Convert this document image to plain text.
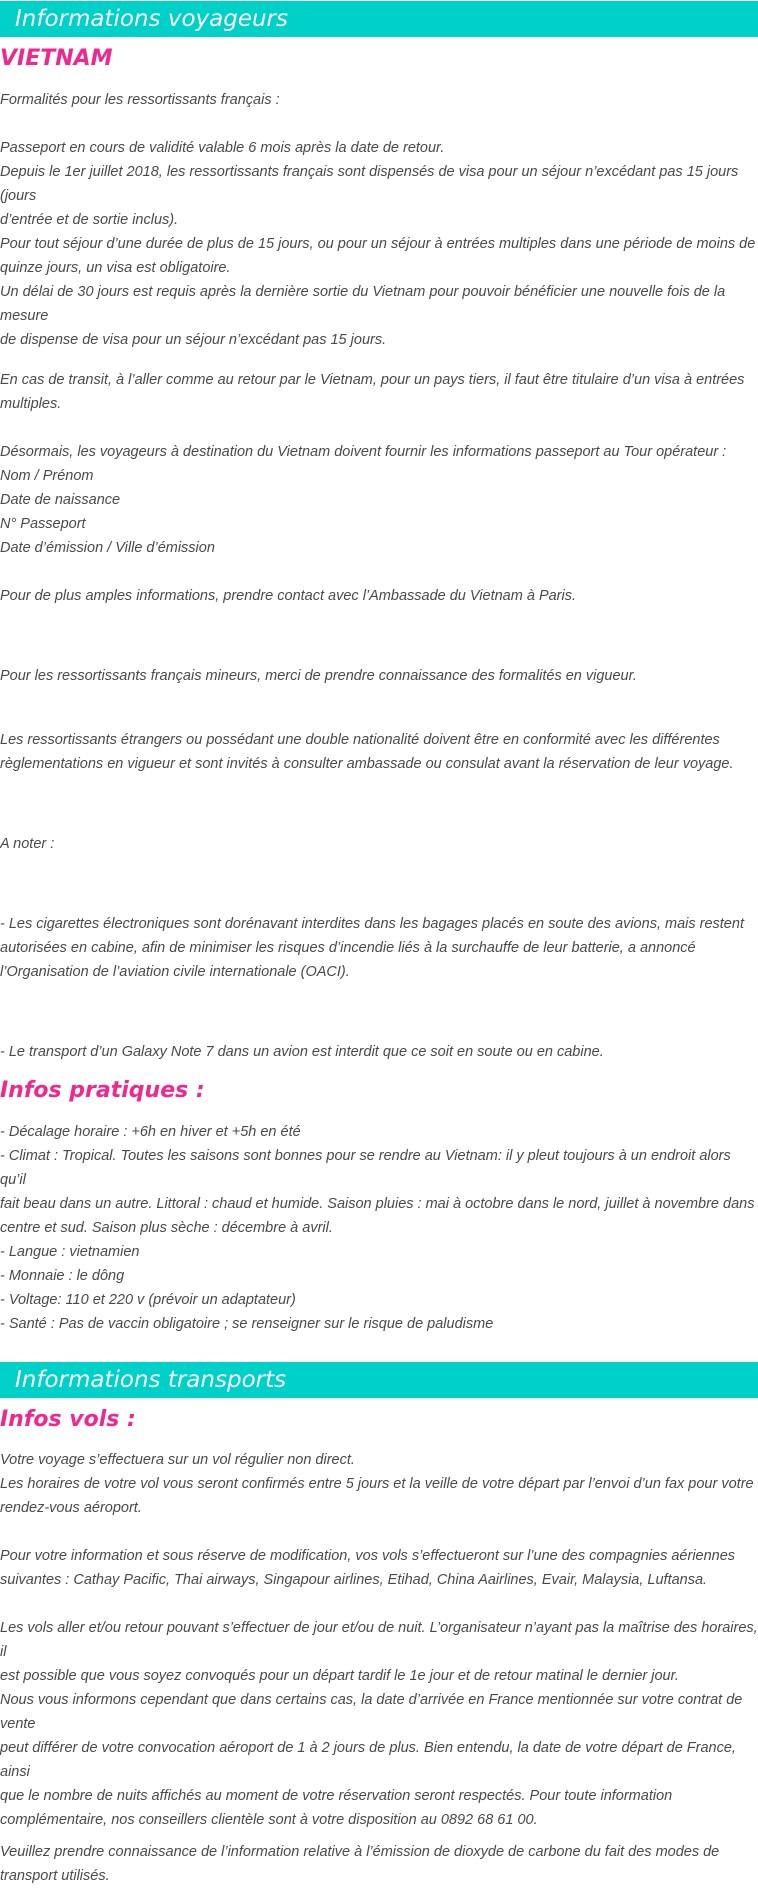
Informations voyageurs
VIETNAM

Formalités pour les ressortissants français :

Passeport en cours de validité valable 6 mois après la date de retour.
Depuis le 1er juillet 2018, les ressortissants français sont dispensés de visa pour un séjour n’excédant pas 15 jours (jours
d’entrée et de sortie inclus).
Pour tout séjour d’une durée de plus de 15 jours, ou pour un séjour à entrées multiples dans une période de moins de
quinze jours, un visa est obligatoire.
Un délai de 30 jours est requis après la dernière sortie du Vietnam pour pouvoir bénéficier une nouvelle fois de la mesure
de dispense de visa pour un séjour n’excédant pas 15 jours.

En cas de transit, à l’aller comme au retour par le Vietnam, pour un pays tiers, il faut être titulaire d’un visa à entrées
multiples.

Désormais, les voyageurs à destination du Vietnam doivent fournir les informations passeport au Tour opérateur :
Nom / Prénom
Date de naissance
N° Passeport
Date d’émission / Ville d’émission

Pour de plus amples informations, prendre contact avec l’Ambassade du Vietnam à Paris.

Pour les ressortissants français mineurs, merci de prendre connaissance des formalités en vigueur.

Les ressortissants étrangers ou possédant une double nationalité doivent être en conformité avec les différentes
règlementations en vigueur et sont invités à consulter ambassade ou consulat avant la réservation de leur voyage.

A noter :

- Les cigarettes électroniques sont dorénavant interdites dans les bagages placés en soute des avions, mais restent
autorisées en cabine, afin de minimiser les risques d’incendie liés à la surchauffe de leur batterie, a annoncé
l’Organisation de l’aviation civile internationale (OACI).

- Le transport d’un Galaxy Note 7 dans un avion est interdit que ce soit en soute ou en cabine.

Infos pratiques :

- Décalage horaire : +6h en hiver et +5h en été
- Climat : Tropical. Toutes les saisons sont bonnes pour se rendre au Vietnam: il y pleut toujours à un endroit alors qu’il
fait beau dans un autre. Littoral : chaud et humide. Saison pluies : mai à octobre dans le nord, juillet à novembre dans
centre et sud. Saison plus sèche : décembre à avril.
- Langue : vietnamien
- Monnaie : le dông
- Voltage: 110 et 220 v (prévoir un adaptateur)
- Santé : Pas de vaccin obligatoire ; se renseigner sur le risque de paludisme

Informations transports
Infos vols :

Votre voyage s’effectuera sur un vol régulier non direct.
Les horaires de votre vol vous seront confirmés entre 5 jours et la veille de votre départ par l’envoi d’un fax pour votre
rendez-vous aéroport.

Pour votre information et sous réserve de modification, vos vols s’effectueront sur l’une des compagnies aériennes
suivantes : Cathay Pacific, Thai airways, Singapour airlines, Etihad, China Aairlines, Evair, Malaysia, Luftansa.

Les vols aller et/ou retour pouvant s’effectuer de jour et/ou de nuit. L’organisateur n’ayant pas la maîtrise des horaires, il
est possible que vous soyez convoqués pour un départ tardif le 1e jour et de retour matinal le dernier jour.

Nous vous informons cependant que dans certains cas, la date d’arrivée en France mentionnée sur votre contrat de vente
peut différer de votre convocation aéroport de 1 à 2 jours de plus. Bien entendu, la date de votre départ de France, ainsi
que le nombre de nuits affichés au moment de votre réservation seront respectés. Pour toute information
complémentaire, nos conseillers clientèle sont à votre disposition au 0892 68 61 00.

Veuillez prendre connaissance de l’information relative à l’émission de dioxyde de carbone du fait des modes de
transport utilisés.
